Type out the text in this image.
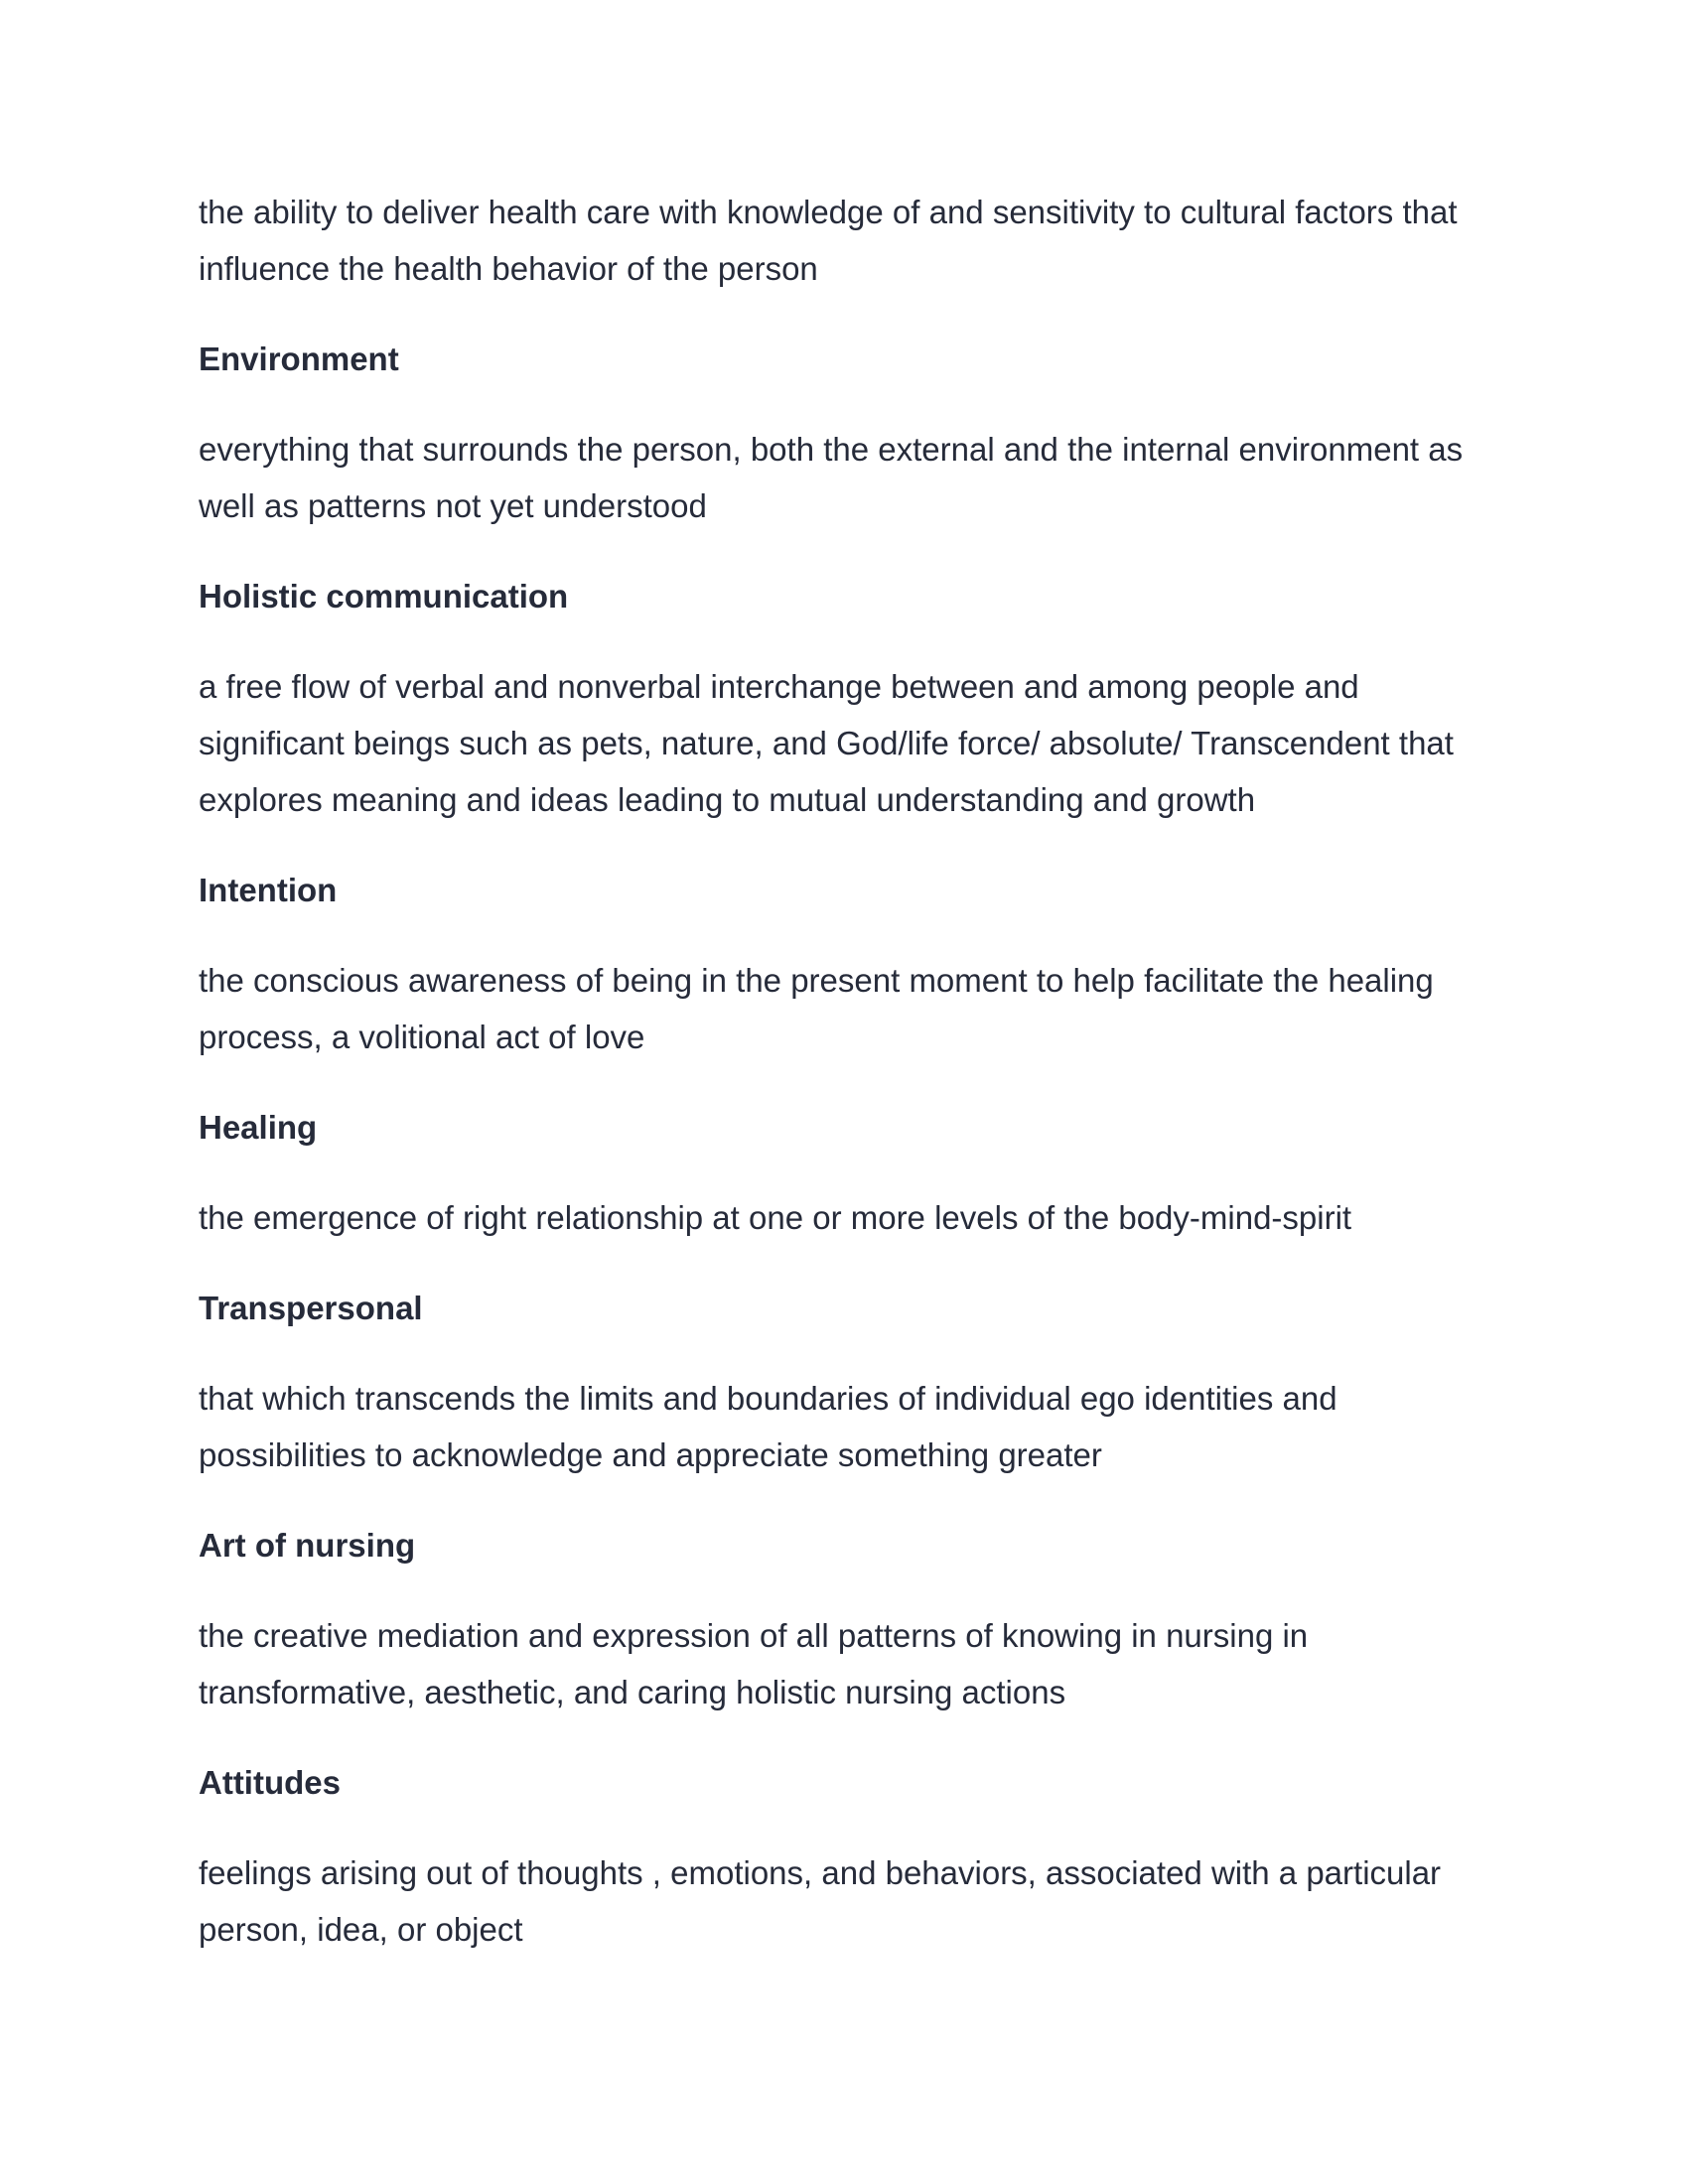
the ability to deliver health care with knowledge of and sensitivity to cultural factors that
influence the health behavior of the person

Environment

everything that surrounds the person, both the external and the internal environment as
well as patterns not yet understood

Holistic communication

a free flow of verbal and nonverbal interchange between and among people and
significant beings such as pets, nature, and God/life force/ absolute/ Transcendent that
explores meaning and ideas leading to mutual understanding and growth

Intention

the conscious awareness of being in the present moment to help facilitate the healing
process, a volitional act of love

Healing

the emergence of right relationship at one or more levels of the body-mind-spirit

Transpersonal

that which transcends the limits and boundaries of individual ego identities and
possibilities to acknowledge and appreciate something greater

Art of nursing

the creative mediation and expression of all patterns of knowing in nursing in
transformative, aesthetic, and caring holistic nursing actions

Attitudes

feelings arising out of thoughts , emotions, and behaviors, associated with a particular
person, idea, or object
